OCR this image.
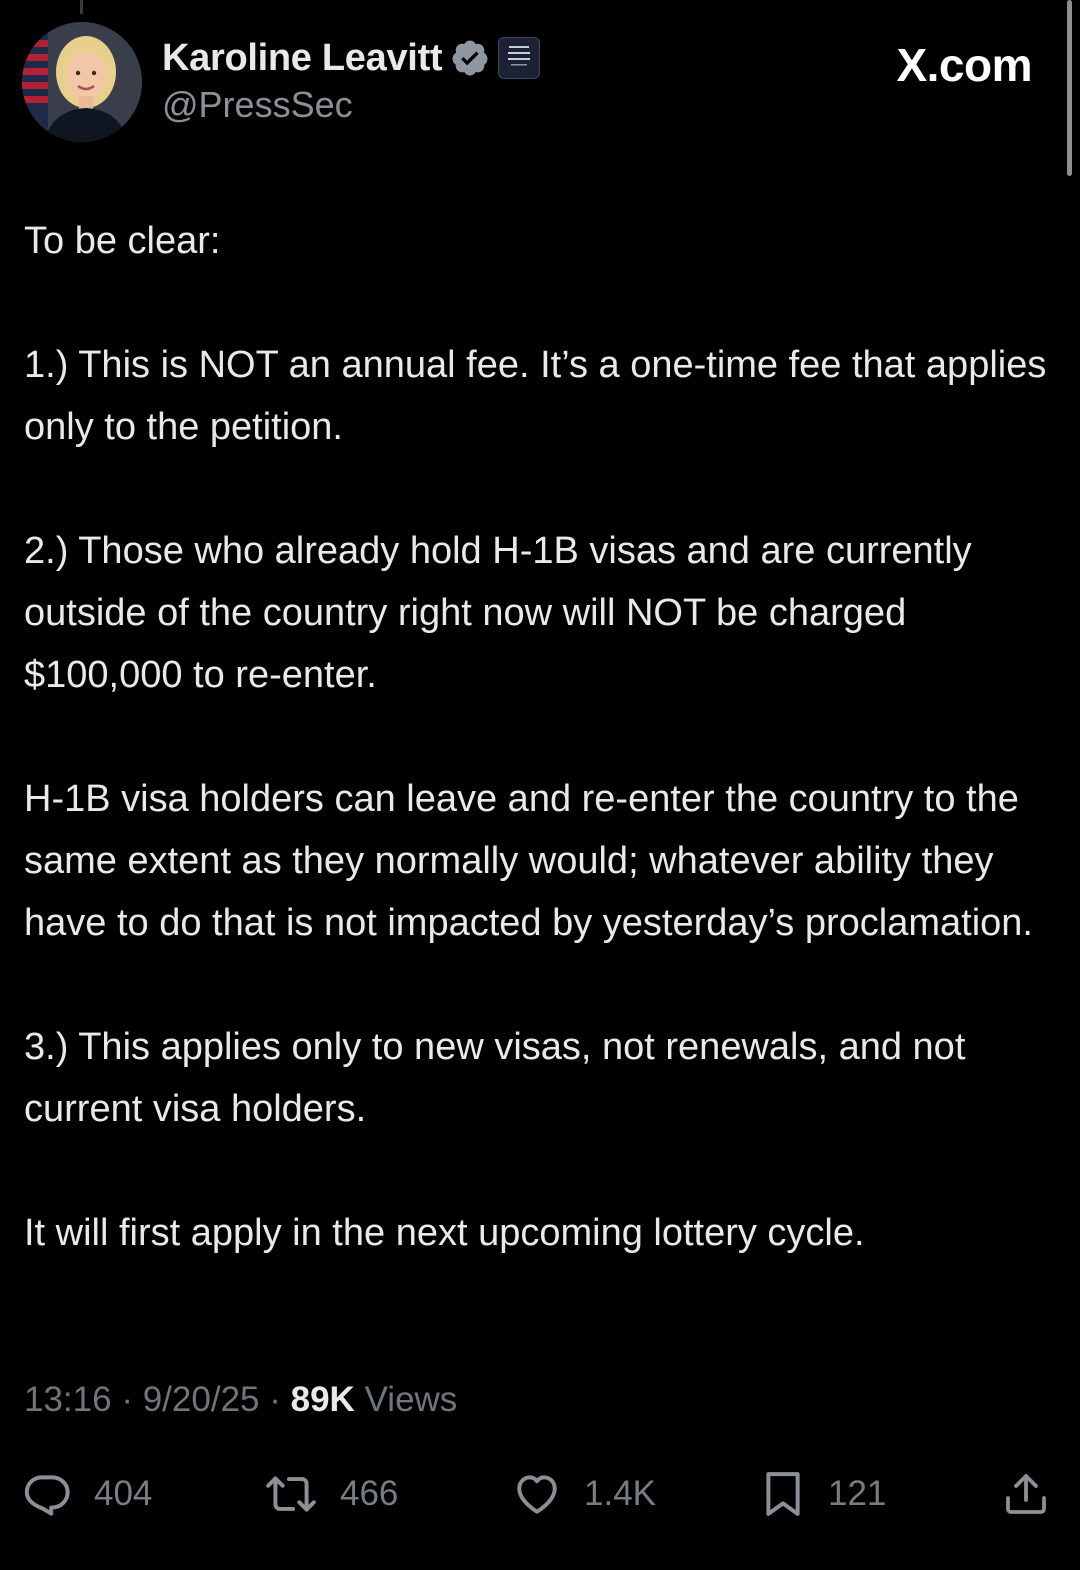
Karoline Leavitt
@PressSec
X.com

To be clear:

1.) This is NOT an annual fee. It’s a one-time fee that applies only to the petition.

2.) Those who already hold H-1B visas and are currently outside of the country right now will NOT be charged $100,000 to re-enter.

H-1B visa holders can leave and re-enter the country to the same extent as they normally would; whatever ability they have to do that is not impacted by yesterday’s proclamation.

3.) This applies only to new visas, not renewals, and not current visa holders.

It will first apply in the next upcoming lottery cycle.

13:16 · 9/20/25 · 89K Views
404	466	1.4K	121
